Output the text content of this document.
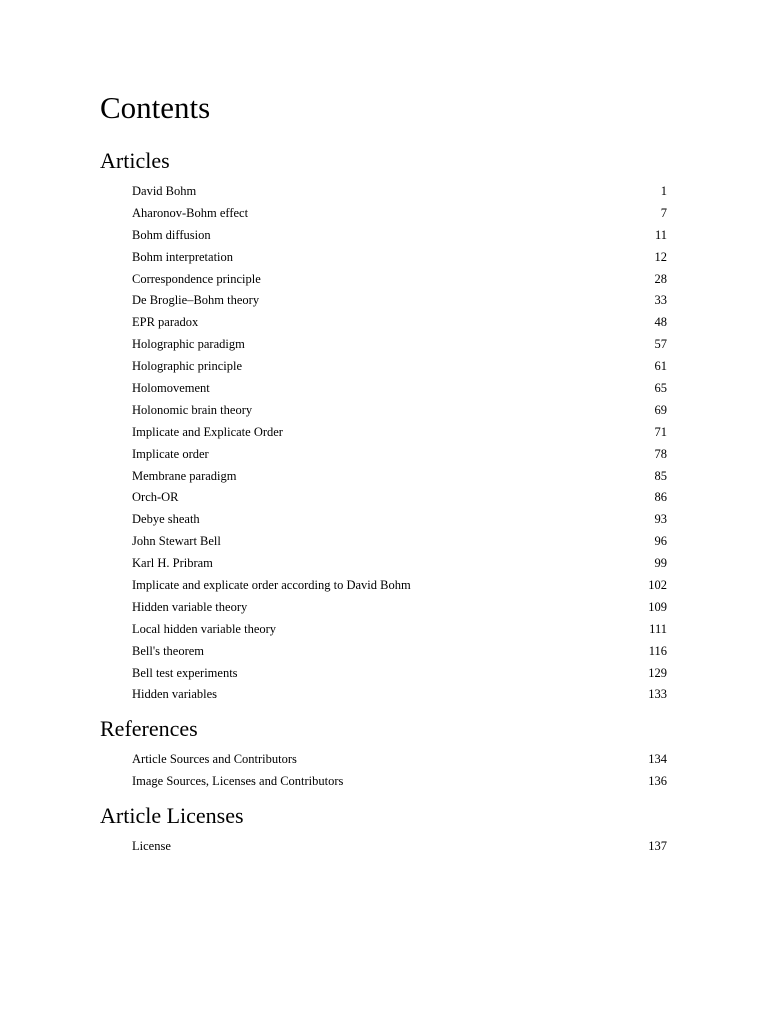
Contents
Articles
David Bohm	1
Aharonov-Bohm effect	7
Bohm diffusion	11
Bohm interpretation	12
Correspondence principle	28
De Broglie–Bohm theory	33
EPR paradox	48
Holographic paradigm	57
Holographic principle	61
Holomovement	65
Holonomic brain theory	69
Implicate and Explicate Order	71
Implicate order	78
Membrane paradigm	85
Orch-OR	86
Debye sheath	93
John Stewart Bell	96
Karl H. Pribram	99
Implicate and explicate order according to David Bohm	102
Hidden variable theory	109
Local hidden variable theory	111
Bell's theorem	116
Bell test experiments	129
Hidden variables	133
References
Article Sources and Contributors	134
Image Sources, Licenses and Contributors	136
Article Licenses
License	137
